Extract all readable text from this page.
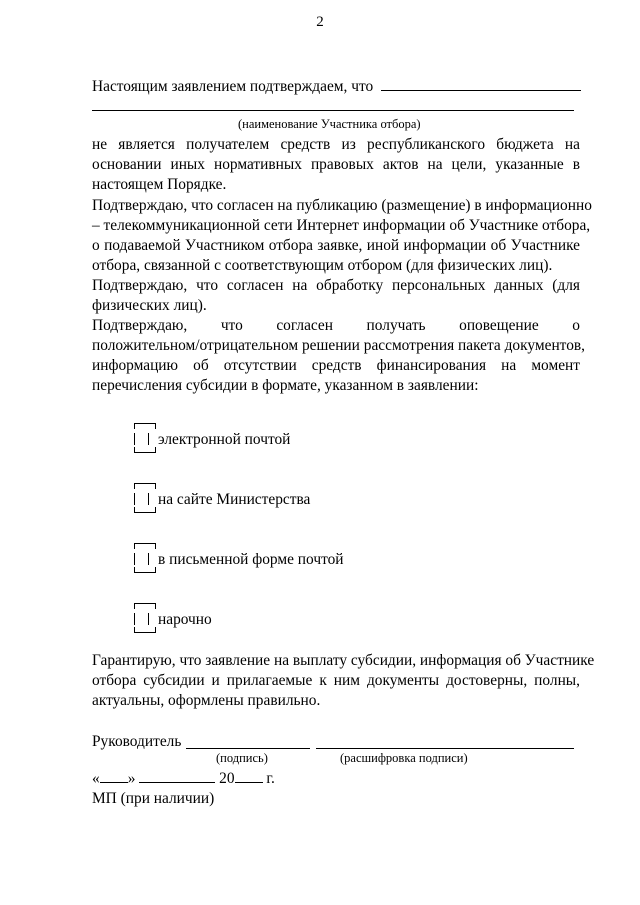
2
Настоящим заявлением подтверждаем, что
(наименование Участника отбора)
не является получателем средств из республиканского бюджета на
основании иных нормативных правовых актов на цели, указанные в
настоящем Порядке.
Подтверждаю, что согласен на публикацию (размещение) в информационно
– телекоммуникационной сети Интернет информации об Участнике отбора,
о подаваемой Участником отбора заявке, иной информации об Участнике
отбора, связанной с соответствующим отбором (для физических лиц).
Подтверждаю, что согласен на обработку персональных данных (для
физических лиц).
Подтверждаю, что согласен получать оповещение о
положительном/отрицательном решении рассмотрения пакета документов,
информацию об отсутствии средств финансирования на момент
перечисления субсидии в формате, указанном в заявлении:
электронной почтой
на сайте Министерства
в письменной форме почтой
нарочно
Гарантирую, что заявление на выплату субсидии, информация об Участнике
отбора субсидии и прилагаемые к ним документы достоверны, полны,
актуальны, оформлены правильно.
Руководитель
(подпись)	(расшифровка подписи)
« »	20 г.
МП (при наличии)
